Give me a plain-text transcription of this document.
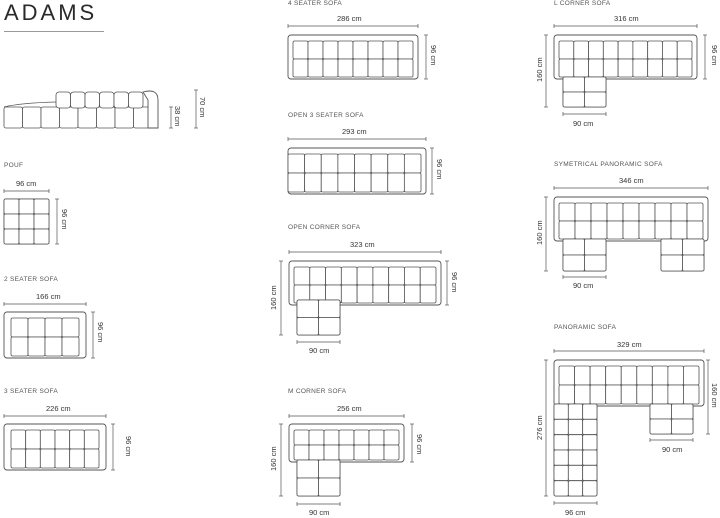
ADAMS
70 cm
38 cm
POUF
96 cm
96 cm
2 SEATER SOFA
166 cm
96 cm
3 SEATER SOFA
226 cm
96 cm
4 SEATER SOFA
286 cm
96 cm
OPEN 3 SEATER SOFA
293 cm
96 cm
OPEN CORNER SOFA
323 cm
96 cm
160 cm
90 cm
M CORNER SOFA
256 cm
96 cm
160 cm
90 cm
L CORNER SOFA
316 cm
96 cm
160 cm
90 cm
SYMETRICAL PANORAMIC SOFA
346 cm
160 cm
90 cm
PANORAMIC SOFA
329 cm
160 cm
276 cm
90 cm
96 cm
